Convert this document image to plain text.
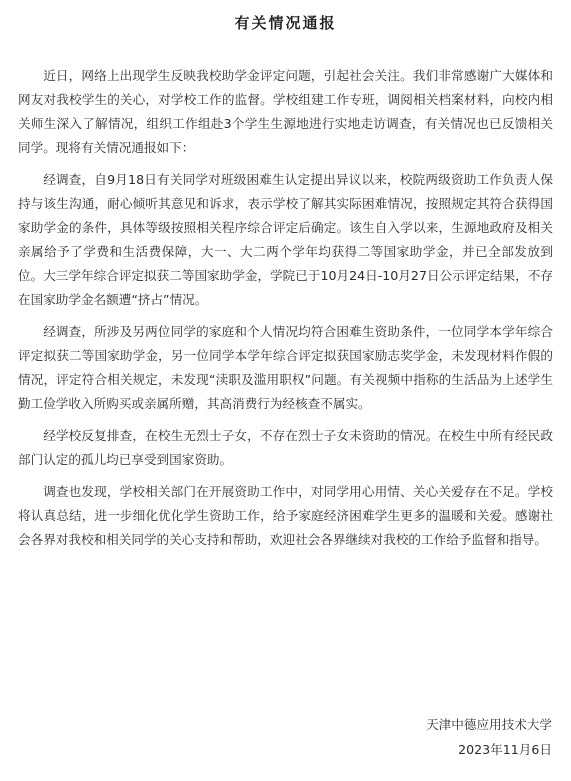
有关情况通报

近日，网络上出现学生反映我校助学金评定问题，引起社会关注。我们非常感谢广大媒体和网友对我校学生的关心，对学校工作的监督。学校组建工作专班，调阅相关档案材料，向校内相关师生深入了解情况，组织工作组赴3个学生生源地进行实地走访调查，有关情况也已反馈相关同学。现将有关情况通报如下：

经调查，自9月18日有关同学对班级困难生认定提出异议以来，校院两级资助工作负责人保持与该生沟通，耐心倾听其意见和诉求，表示学校了解其实际困难情况，按照规定其符合获得国家助学金的条件，具体等级按照相关程序综合评定后确定。该生自入学以来，生源地政府及相关亲属给予了学费和生活费保障，大一、大二两个学年均获得二等国家助学金，并已全部发放到位。大三学年综合评定拟获二等国家助学金，学院已于10月24日-10月27日公示评定结果，不存在国家助学金名额遭“挤占”情况。

经调查，所涉及另两位同学的家庭和个人情况均符合困难生资助条件，一位同学本学年综合评定拟获二等国家助学金，另一位同学本学年综合评定拟获国家励志奖学金，未发现材料作假的情况，评定符合相关规定，未发现“渎职及滥用职权”问题。有关视频中指称的生活品为上述学生勤工俭学收入所购买或亲属所赠，其高消费行为经核查不属实。

经学校反复排查，在校生无烈士子女，不存在烈士子女未资助的情况。在校生中所有经民政部门认定的孤儿均已享受到国家资助。

调查也发现，学校相关部门在开展资助工作中，对同学用心用情、关心关爱存在不足。学校将认真总结，进一步细化优化学生资助工作，给予家庭经济困难学生更多的温暖和关爱。感谢社会各界对我校和相关同学的关心支持和帮助，欢迎社会各界继续对我校的工作给予监督和指导。

天津中德应用技术大学
2023年11月6日
